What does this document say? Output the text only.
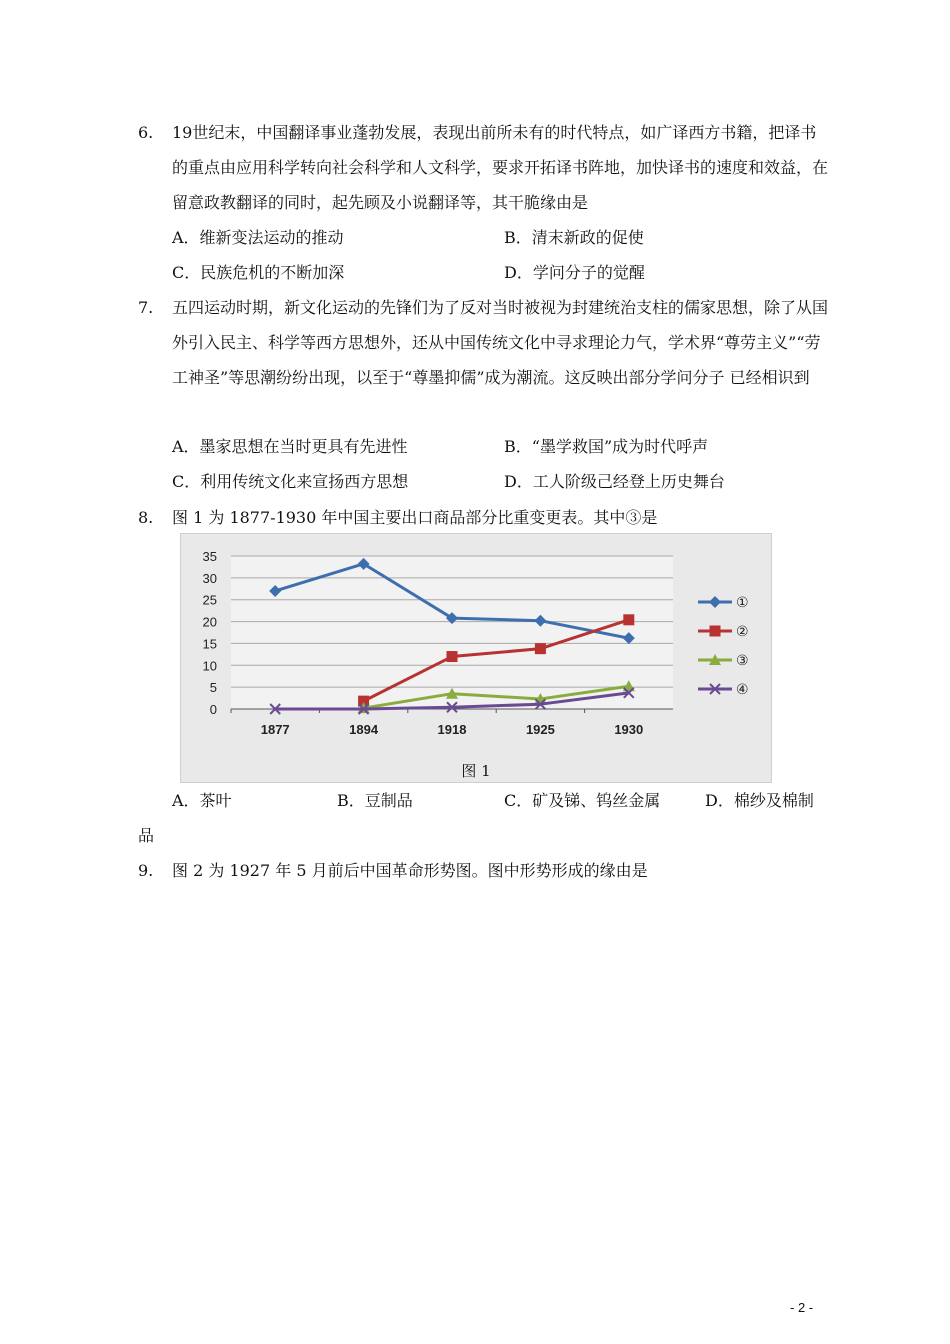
6. 19世纪末，中国翻译事业蓬勃发展，表现出前所未有的时代特点，如广译西方书籍，把译书的重点由应用科学转向社会科学和人文科学，要求开拓译书阵地，加快译书的速度和效益，在留意政教翻译的同时，起先顾及小说翻译等，其干脆缘由是
A．维新变法运动的推动	B．清末新政的促使
C．民族危机的不断加深	D．学问分子的觉醒
7. 五四运动时期，新文化运动的先锋们为了反对当时被视为封建统治支柱的儒家思想，除了从国外引入民主、科学等西方思想外，还从中国传统文化中寻求理论力气，学术界“尊劳主义”“劳工神圣”等思潮纷纷出现，以至于“尊墨抑儒”成为潮流。这反映出部分学问分子 已经相识到
A．墨家思想在当时更具有先进性	B．“墨学救国”成为时代呼声
C．利用传统文化来宣扬西方思想	D．工人阶级己经登上历史舞台
8. 图 1 为 1877-1930 年中国主要出口商品部分比重变更表。其中③是
0
5
10
15
20
25
30
35
1877	1894	1918	1925	1930
①
②
③
④
图 1
A．茶叶	B．豆制品	C．矿及锑、钨丝金属	D．棉纱及棉制
品
9. 图 2 为 1927 年 5 月前后中国革命形势图。图中形势形成的缘由是
- 2 -
